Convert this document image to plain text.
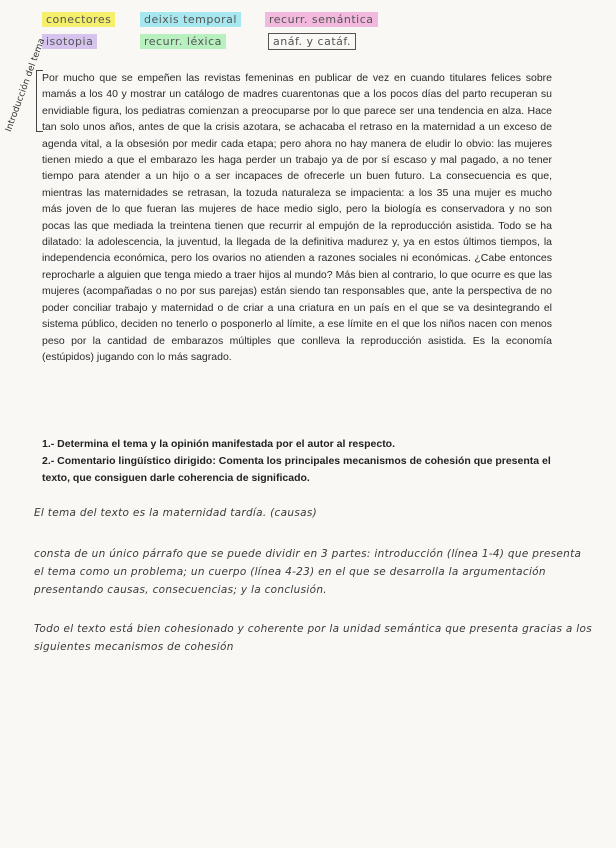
conectores	deixis temporal	recurr. semántica
isotopia	recurr. léxica	anáf. y catáf.
Introducción del tema
Por mucho que se empeñen las revistas femeninas en publicar de vez en cuando titulares felices sobre mamás a los 40 y mostrar un catálogo de madres cuarentonas que a los pocos días del parto recuperan su envidiable figura, los pediatras comienzan a preocuparse por lo que parece ser una tendencia en alza. Hace tan solo unos años, antes de que la crisis azotara, se achacaba el retraso en la maternidad a un exceso de agenda vital, a la obsesión por medir cada etapa; pero ahora no hay manera de eludir lo obvio: las mujeres tienen miedo a que el embarazo les haga perder un trabajo ya de por sí escaso y mal pagado, a no tener tiempo para atender a un hijo o a ser incapaces de ofrecerle un buen futuro. La consecuencia es que, mientras las maternidades se retrasan, la tozuda naturaleza se impacienta: a los 35 una mujer es mucho más joven de lo que fueran las mujeres de hace medio siglo, pero la biología es conservadora y no son pocas las que mediada la treintena tienen que recurrir al empujón de la reproducción asistida. Todo se ha dilatado: la adolescencia, la juventud, la llegada de la definitiva madurez y, ya en estos últimos tiempos, la independencia económica, pero los ovarios no atienden a razones sociales ni económicas. ¿Cabe entonces reprocharle a alguien que tenga miedo a traer hijos al mundo? Más bien al contrario, lo que ocurre es que las mujeres (acompañadas o no por sus parejas) están siendo tan responsables que, ante la perspectiva de no poder conciliar trabajo y maternidad o de criar a una criatura en un país en el que se va desintegrando el sistema público, deciden no tenerlo o posponerlo al límite, a ese límite en el que los niños nacen con menos peso por la cantidad de embarazos múltiples que conlleva la reproducción asistida. Es la economía (estúpidos) jugando con lo más sagrado.
1.- Determina el tema y la opinión manifestada por el autor al respecto.
2.- Comentario lingüístico dirigido: Comenta los principales mecanismos de cohesión que presenta el texto, que consiguen darle coherencia de significado.
El tema del texto es la maternidad tardía. (causas)
consta de un único párrafo que se puede dividir en 3 partes: introducción (línea 1-4) que presenta el tema como un problema; un cuerpo (línea 4-23) en el que se desarrolla la argumentación presentando causas, consecuencias; y la conclusión.
Todo el texto está bien cohesionado y coherente por la unidad semántica que presenta gracias a los siguientes mecanismos de cohesión
